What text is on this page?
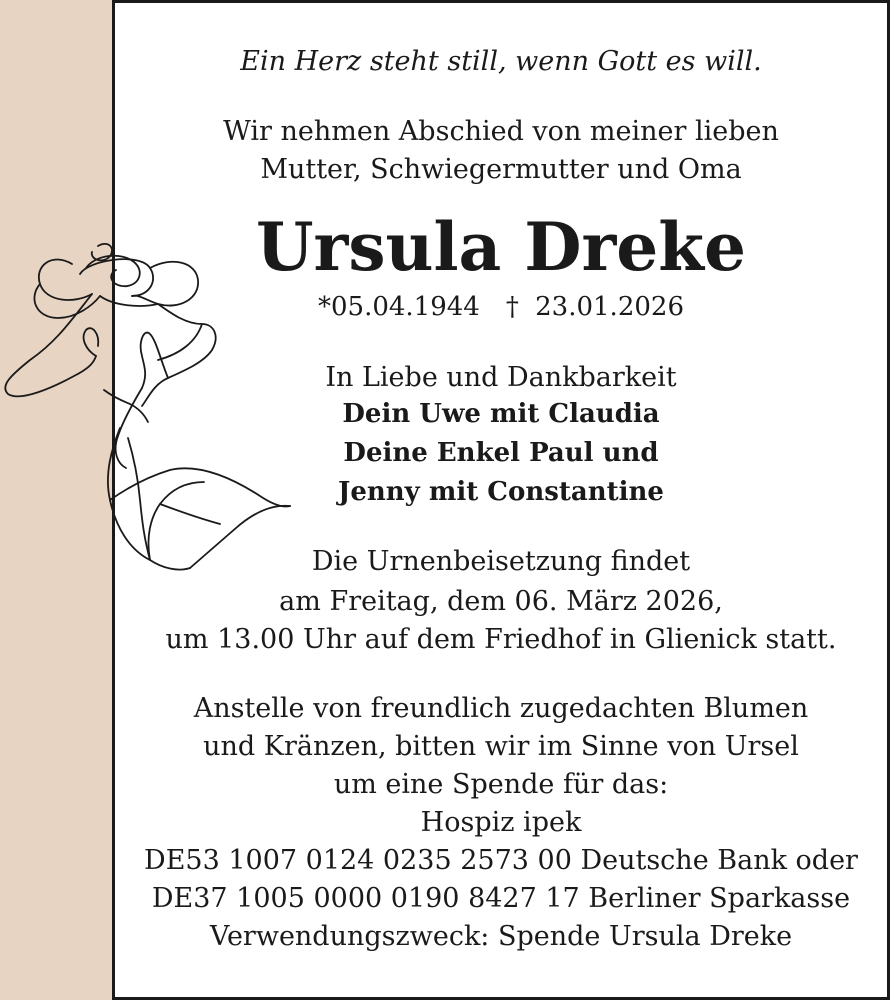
Ein Herz steht still, wenn Gott es will.
Wir nehmen Abschied von meiner lieben
Mutter, Schwiegermutter und Oma
Ursula Dreke
*05.04.1944 † 23.01.2026
In Liebe und Dankbarkeit
Dein Uwe mit Claudia
Deine Enkel Paul und
Jenny mit Constantine
Die Urnenbeisetzung findet
am Freitag, dem 06. März 2026,
um 13.00 Uhr auf dem Friedhof in Glienick statt.
Anstelle von freundlich zugedachten Blumen
und Kränzen, bitten wir im Sinne von Ursel
um eine Spende für das:
Hospiz ipek
DE53 1007 0124 0235 2573 00 Deutsche Bank oder
DE37 1005 0000 0190 8427 17 Berliner Sparkasse
Verwendungszweck: Spende Ursula Dreke
